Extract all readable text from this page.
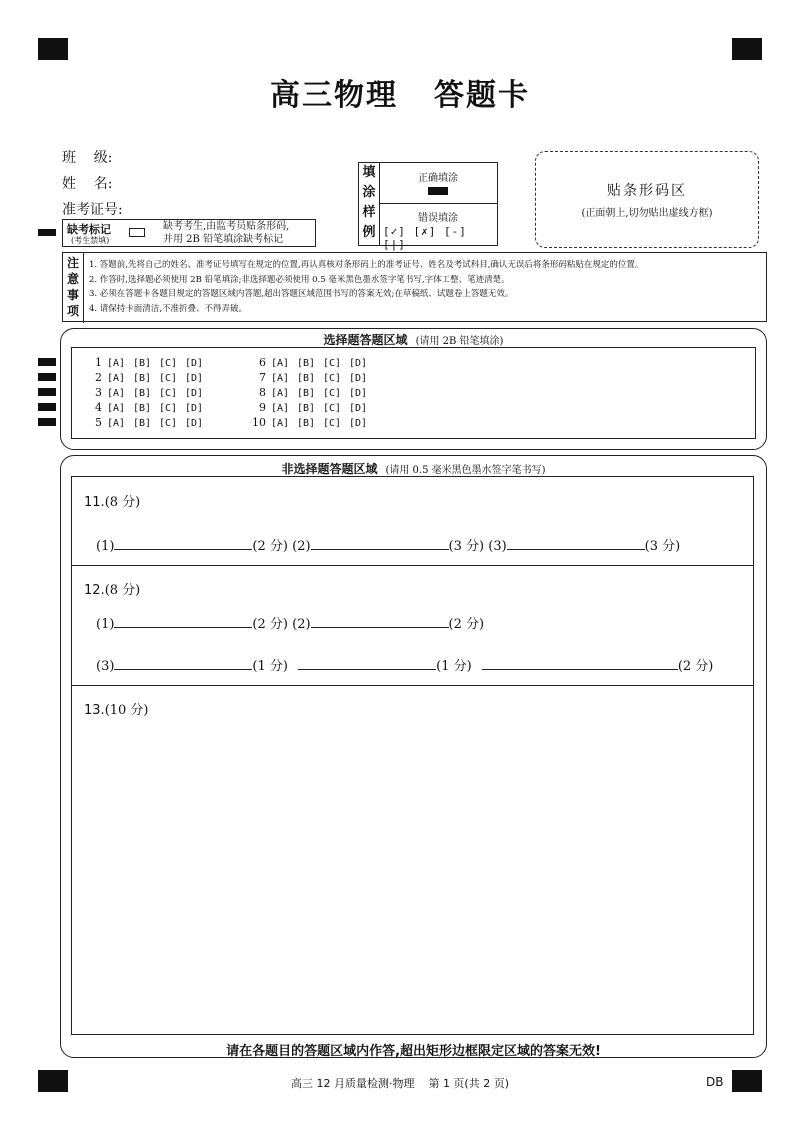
高三物理 答题卡
班    级:
姓    名:
准考证号:
缺考标记
(考生禁填)
缺考考生,由监考员贴条形码,
并用 2B 铅笔填涂缺考标记
填
涂
样
例
正确填涂
错误填涂
[✓] [✗] [-] [|]
贴条形码区
(正面朝上,切勿贴出虚线方框)
注
意
事
项
1. 答题前,先将自己的姓名、准考证号填写在规定的位置,再认真核对条形码上的准考证号、姓名及考试科目,确认无误后将条形码粘贴在规定的位置。
2. 作答时,选择题必须使用 2B 铅笔填涂;非选择题必须使用 0.5 毫米黑色墨水签字笔书写,字体工整、笔迹清楚。
3. 必须在答题卡各题目规定的答题区域内答题,超出答题区域范围书写的答案无效;在草稿纸、试题卷上答题无效。
4. 请保持卡面清洁,不准折叠、不得弄破。
选择题答题区域 (请用 2B 铅笔填涂)
1 [A] [B] [C] [D]
2 [A] [B] [C] [D]
3 [A] [B] [C] [D]
4 [A] [B] [C] [D]
5 [A] [B] [C] [D]
6 [A] [B] [C] [D]
7 [A] [B] [C] [D]
8 [A] [B] [C] [D]
9 [A] [B] [C] [D]
10 [A] [B] [C] [D]
非选择题答题区域 (请用 0.5 毫米黑色墨水签字笔书写)
11.(8 分)
(1)	(2 分) (2)	(3 分) (3)	(3 分)
12.(8 分)
(1)	(2 分) (2)	(2 分)
(3)	(1 分)	(1 分)	(2 分)
13.(10 分)
请在各题目的答题区域内作答,超出矩形边框限定区域的答案无效!
高三 12 月质量检测·物理    第 1 页(共 2 页)	DB
